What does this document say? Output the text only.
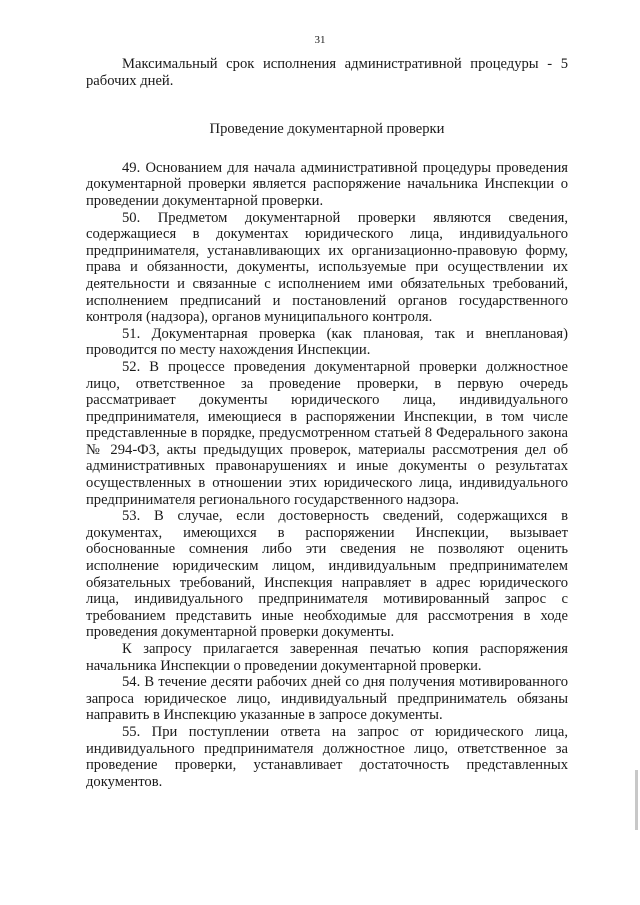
31

Максимальный срок исполнения административной процедуры - 5 рабочих дней.

Проведение документарной проверки

49. Основанием для начала административной процедуры проведения документарной проверки является распоряжение начальника Инспекции о проведении документарной проверки.

50. Предметом документарной проверки являются сведения, содержащиеся в документах юридического лица, индивидуального предпринимателя, устанавливающих их организационно-правовую форму, права и обязанности, документы, используемые при осуществлении их деятельности и связанные с исполнением ими обязательных требований, исполнением предписаний и постановлений органов государственного контроля (надзора), органов муниципального контроля.

51. Документарная проверка (как плановая, так и внеплановая) проводится по месту нахождения Инспекции.

52. В процессе проведения документарной проверки должностное лицо, ответственное за проведение проверки, в первую очередь рассматривает документы юридического лица, индивидуального предпринимателя, имеющиеся в распоряжении Инспекции, в том числе представленные в порядке, предусмотренном статьей 8 Федерального закона № 294-ФЗ, акты предыдущих проверок, материалы рассмотрения дел об административных правонарушениях и иные документы о результатах осуществленных в отношении этих юридического лица, индивидуального предпринимателя регионального государственного надзора.

53. В случае, если достоверность сведений, содержащихся в документах, имеющихся в распоряжении Инспекции, вызывает обоснованные сомнения либо эти сведения не позволяют оценить исполнение юридическим лицом, индивидуальным предпринимателем обязательных требований, Инспекция направляет в адрес юридического лица, индивидуального предпринимателя мотивированный запрос с требованием представить иные необходимые для рассмотрения в ходе проведения документарной проверки документы.

К запросу прилагается заверенная печатью копия распоряжения начальника Инспекции о проведении документарной проверки.

54. В течение десяти рабочих дней со дня получения мотивированного запроса юридическое лицо, индивидуальный предприниматель обязаны направить в Инспекцию указанные в запросе документы.

55. При поступлении ответа на запрос от юридического лица, индивидуального предпринимателя должностное лицо, ответственное за проведение проверки, устанавливает достаточность представленных документов.
